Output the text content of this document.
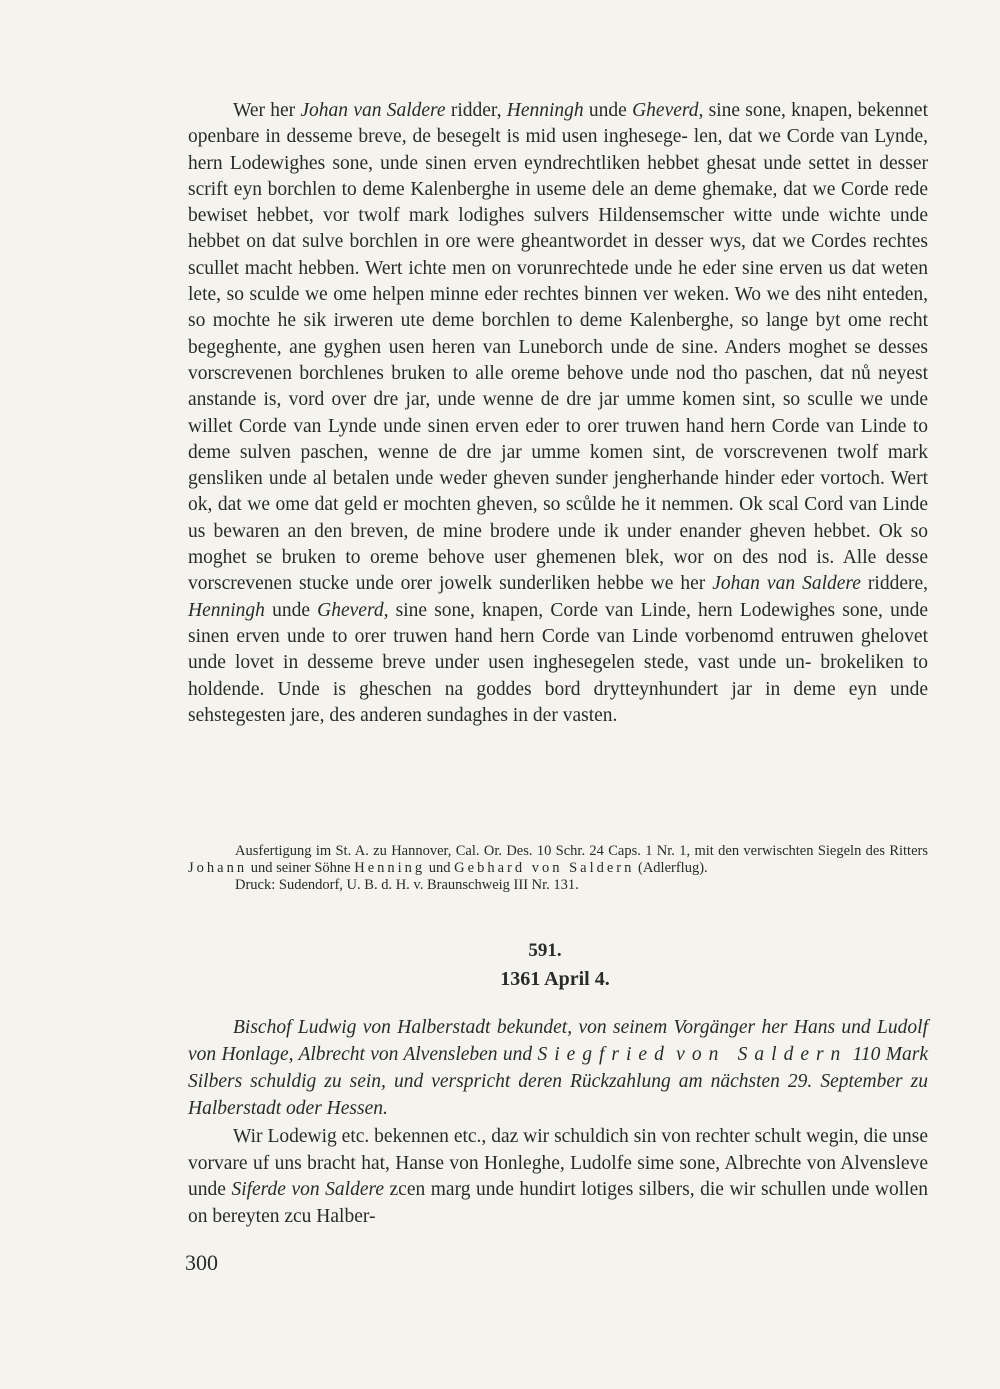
Wer her Johan van Saldere ridder, Henningh unde Gheverd, sine sone, knapen, bekennet openbare in desseme breve, de besegelt is mid usen inghesege- len, dat we Corde van Lynde, hern Lodewighes sone, unde sinen erven eyndrechtliken hebbet ghesat unde settet in desser scrift eyn borchlen to deme Kalenberghe in useme dele an deme ghemake, dat we Corde rede bewiset hebbet, vor twolf mark lodighes sulvers Hildensemscher witte unde wichte unde hebbet on dat sulve borchlen in ore were gheantwordet in desser wys, dat we Cordes rechtes scullet macht hebben. Wert ichte men on vorunrechtede unde he eder sine erven us dat weten lete, so sculde we ome helpen minne eder rechtes binnen ver weken. Wo we des niht enteden, so mochte he sik irweren ute deme borchlen to deme Kalenberghe, so lange byt ome recht begeghente, ane gyghen usen heren van Luneborch unde de sine. Anders moghet se desses vorscrevenen borchlenes bruken to alle oreme behove unde nod tho paschen, dat nů neyest anstande is, vord over dre jar, unde wenne de dre jar umme komen sint, so sculle we unde willet Corde van Lynde unde sinen erven eder to orer truwen hand hern Corde van Linde to deme sulven paschen, wenne de dre jar umme komen sint, de vorscrevenen twolf mark gensliken unde al betalen unde weder gheven sunder jengherhande hinder eder vortoch. Wert ok, dat we ome dat geld er mochten gheven, so scůlde he it nemmen. Ok scal Cord van Linde us bewaren an den breven, de mine brodere unde ik under enander gheven hebbet. Ok so moghet se bruken to oreme behove user ghemenen blek, wor on des nod is. Alle desse vorscrevenen stucke unde orer jowelk sunderliken hebbe we her Johan van Saldere riddere, Henningh unde Gheverd, sine sone, knapen, Corde van Linde, hern Lodewighes sone, unde sinen erven unde to orer truwen hand hern Corde van Linde vorbenomd entruwen ghelovet unde lovet in desseme breve under usen inghesegelen stede, vast unde un- brokeliken to holdende. Unde is gheschen na goddes bord drytteynhundert jar in deme eyn unde sehstegesten jare, des anderen sundaghes in der vasten.

Ausfertigung im St. A. zu Hannover, Cal. Or. Des. 10 Schr. 24 Caps. 1 Nr. 1, mit den verwischten Siegeln des Ritters Johann und seiner Söhne Henning und Gebhard von Saldern (Adlerflug).

Druck: Sudendorf, U. B. d. H. v. Braunschweig III Nr. 131.

591.
1361 April 4.

Bischof Ludwig von Halberstadt bekundet, von seinem Vorgänger her Hans und Ludolf von Honlage, Albrecht von Alvensleben und Siegfried von Saldern 110 Mark Silbers schuldig zu sein, und verspricht deren Rückzahlung am nächsten 29. September zu Halberstadt oder Hessen.

Wir Lodewig etc. bekennen etc., daz wir schuldich sin von rechter schult wegin, die unse vorvare uf uns bracht hat, Hanse von Honleghe, Ludolfe sime sone, Albrechte von Alvensleve unde Siferde von Saldere zcen marg unde hundirt lotiges silbers, die wir schullen unde wollen on bereyten zcu Halber-

300
